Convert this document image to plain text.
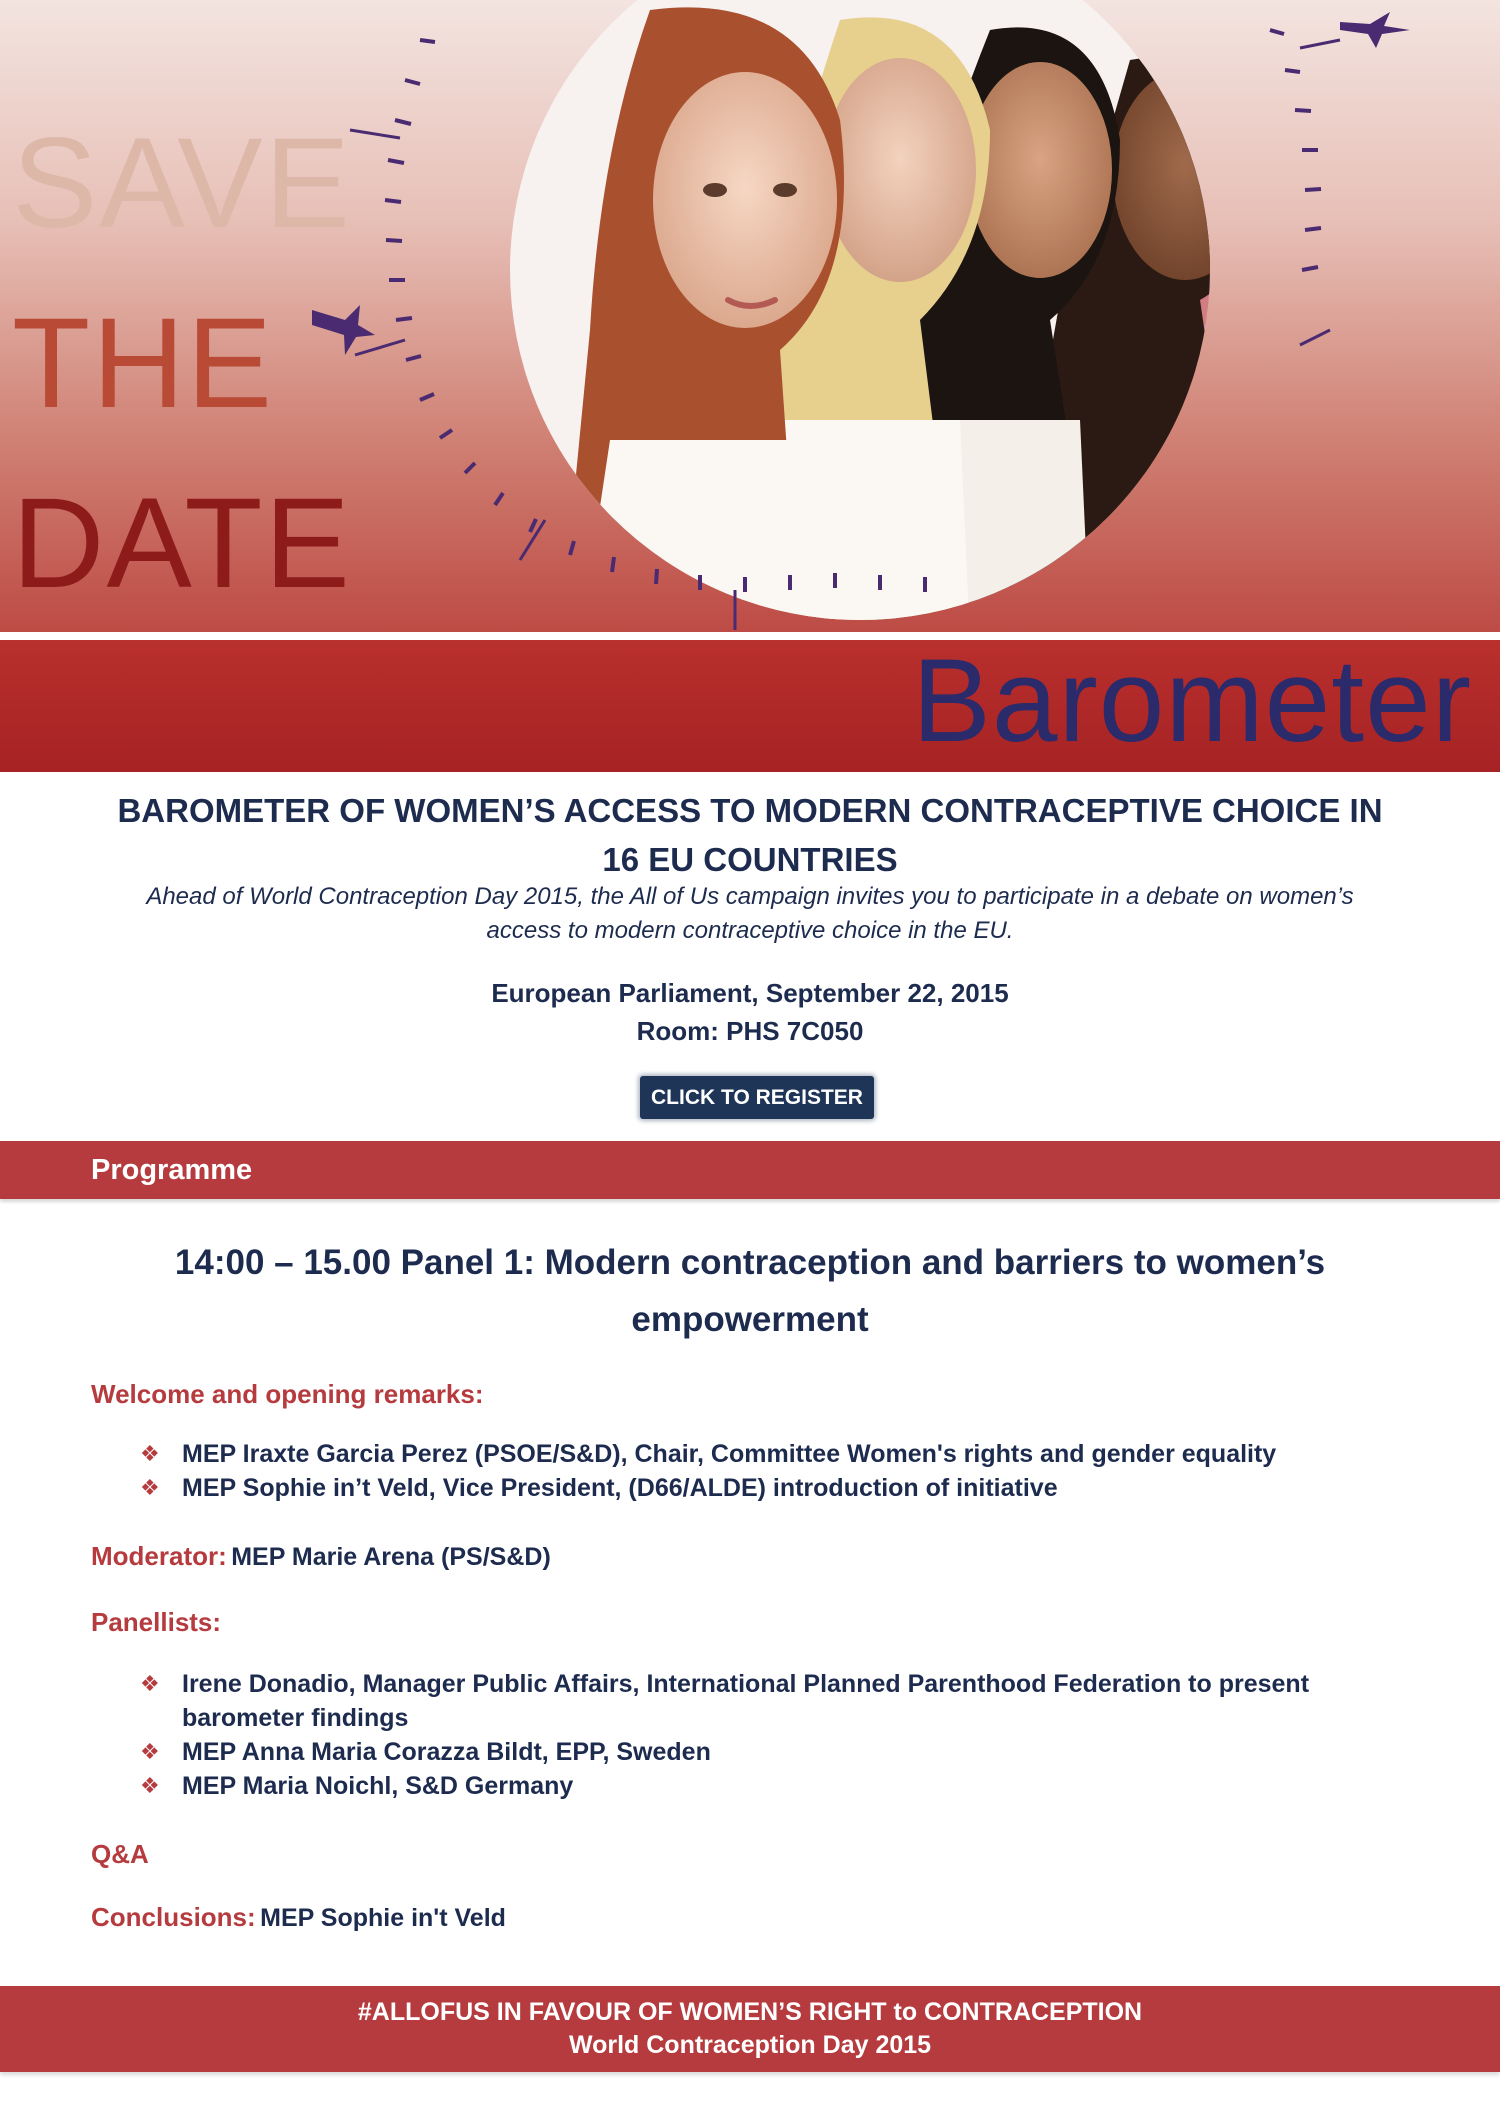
SAVE
THE
DATE
Barometer
BAROMETER OF WOMEN’S ACCESS TO MODERN CONTRACEPTIVE CHOICE IN
16 EU COUNTRIES
Ahead of World Contraception Day 2015, the All of Us campaign invites you to participate in a debate on women’s
access to modern contraceptive choice in the EU.
European Parliament, September 22, 2015
Room: PHS 7C050
CLICK TO REGISTER
Programme
14:00 – 15.00 Panel 1: Modern contraception and barriers to women’s
empowerment
Welcome and opening remarks:
❖ MEP Iraxte Garcia Perez (PSOE/S&D), Chair, Committee Women's rights and gender equality
❖ MEP Sophie in’t Veld, Vice President, (D66/ALDE) introduction of initiative
Moderator: MEP Marie Arena (PS/S&D)
Panellists:
❖ Irene Donadio, Manager Public Affairs, International Planned Parenthood Federation to present
barometer findings
❖ MEP Anna Maria Corazza Bildt, EPP, Sweden
❖ MEP Maria Noichl, S&D Germany
Q&A
Conclusions: MEP Sophie in't Veld
#ALLOFUS IN FAVOUR OF WOMEN’S RIGHT to CONTRACEPTION
World Contraception Day 2015
